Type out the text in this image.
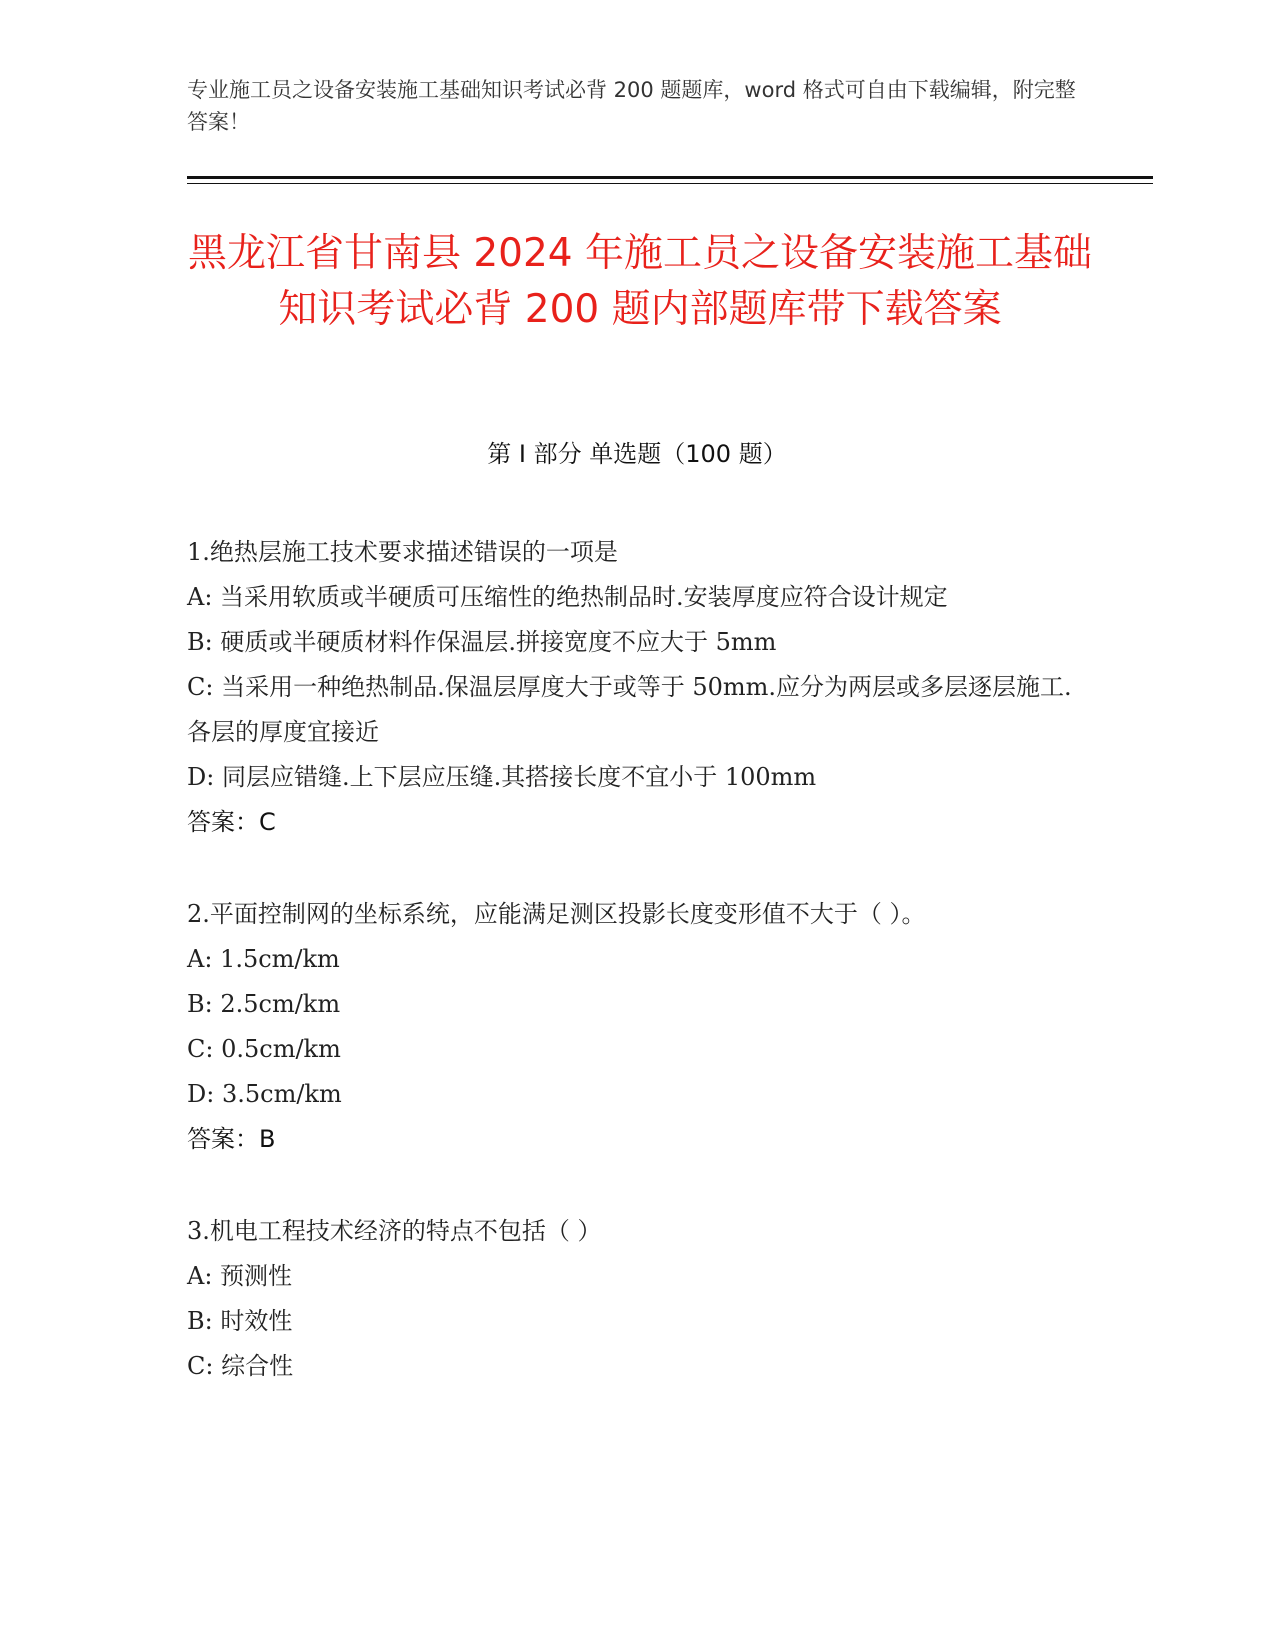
专业施工员之设备安装施工基础知识考试必背 200 题题库，word 格式可自由下载编辑，附完整答案！
黑龙江省甘南县 2024 年施工员之设备安装施工基础知识考试必背 200 题内部题库带下载答案
第 I 部分 单选题（100 题）

1.绝热层施工技术要求描述错误的一项是

A: 当采用软质或半硬质可压缩性的绝热制品时.安装厚度应符合设计规定

B: 硬质或半硬质材料作保温层.拼接宽度不应大于 5mm

C: 当采用一种绝热制品.保温层厚度大于或等于 50mm.应分为两层或多层逐层施工.各层的厚度宜接近

D: 同层应错缝.上下层应压缝.其搭接长度不宜小于 100mm

答案：C

2.平面控制网的坐标系统，应能满足测区投影长度变形值不大于（ ）。

A: 1.5cm/km

B: 2.5cm/km

C: 0.5cm/km

D: 3.5cm/km

答案：B

3.机电工程技术经济的特点不包括（ ）

A: 预测性

B: 时效性

C: 综合性
